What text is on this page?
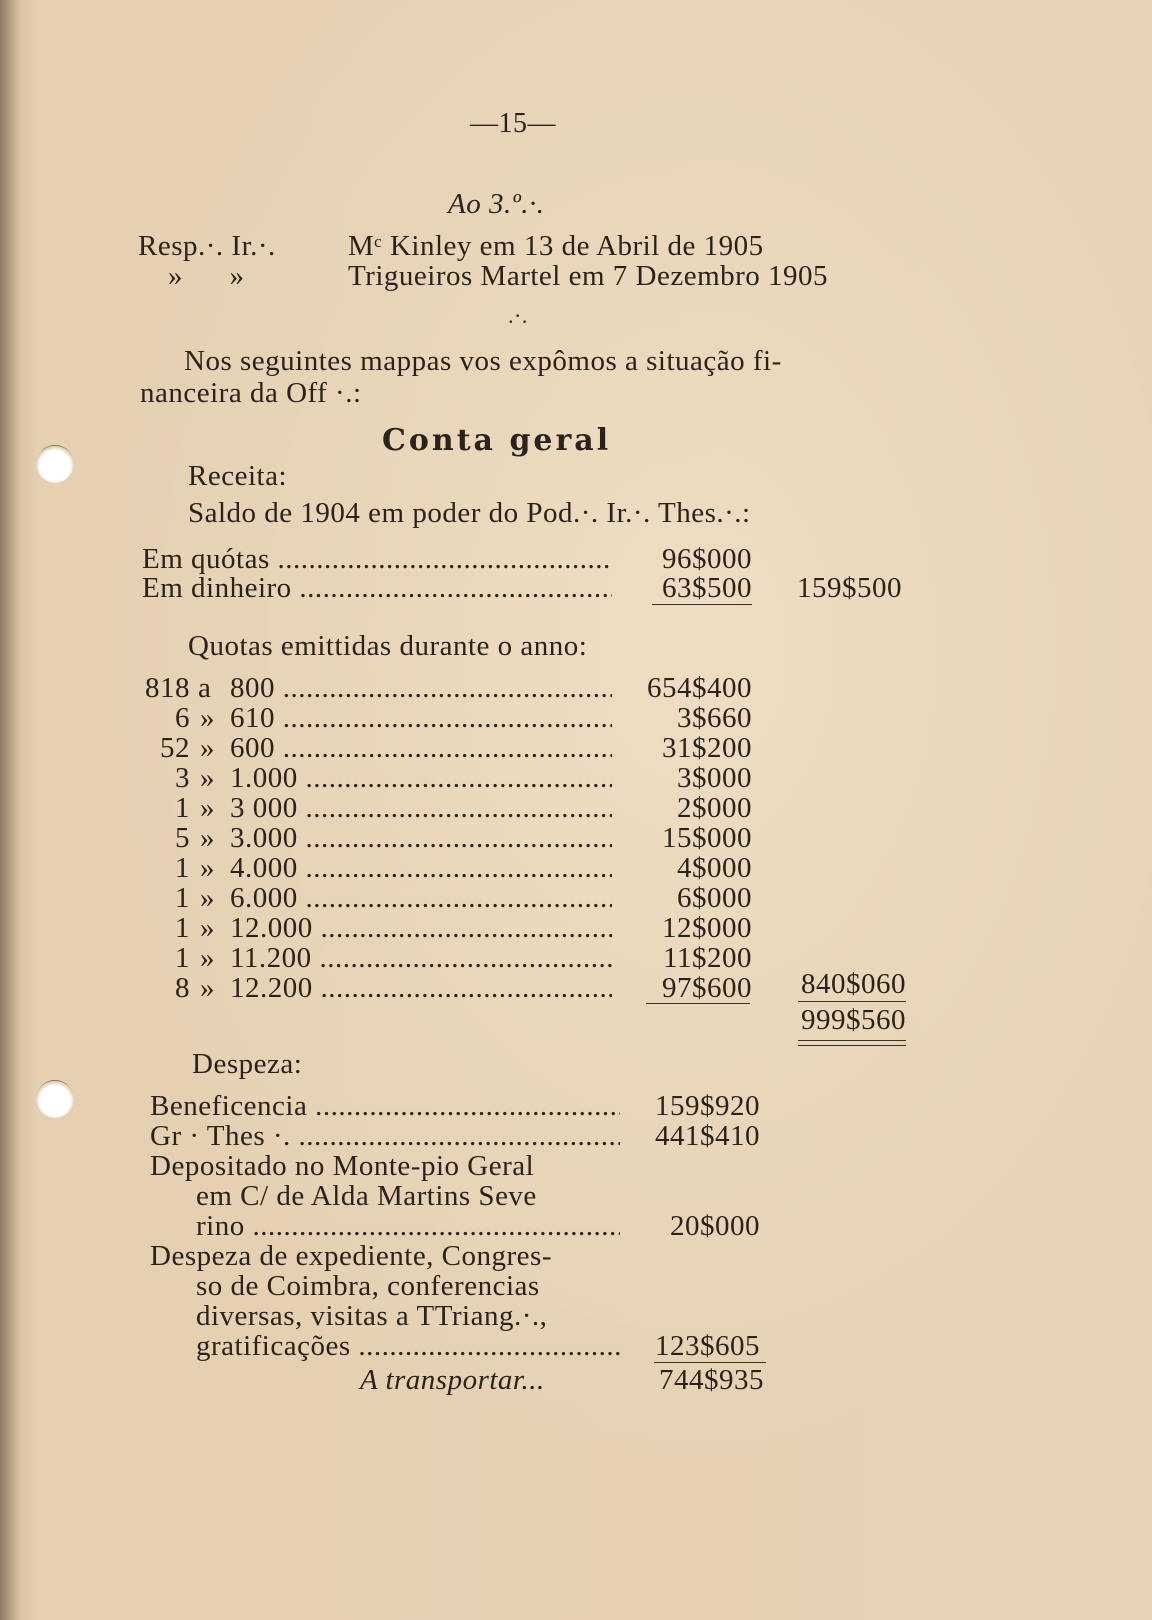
—15—
Ao 3.º.·.
Resp.·. Ir.·. Mᶜ Kinley em 13 de Abril de 1905
»      »	Trigueiros Martel em 7 Dezembro 1905
.·.
Nos seguintes mappas vos expômos a situação fi-
nanceira da Off ·.:
Conta geral
Receita:
Saldo de 1904 em poder do Pod.·. Ir.·. Thes.·.:
Em quótas .....	96$000
Em dinheiro .....	63$500	159$500
Quotas emittidas durante o anno:
818 a 800 .....	654$400
6 » 610 .....	3$660
52 » 600 .....	31$200
3 » 1.000 .....	3$000
1 » 3 000 .....	2$000
5 » 3.000 .....	15$000
1 » 4.000 .....	4$000
1 » 6.000 .....	6$000
1 » 12.000 .....	12$000
1 » 11.200 .....	11$200
8 » 12.200 .....	97$600	840$060
999$560
Despeza:
Beneficencia .....	159$920
Gr · Thes ·. .....	441$410
Depositado no Monte-pio Geral
em C/ de Alda Martins Seve
rino .....	20$000
Despeza de expediente, Congres-
so de Coimbra, conferencias
diversas, visitas a TTriang.·.,
gratificações .....	123$605
A transportar...	744$935
